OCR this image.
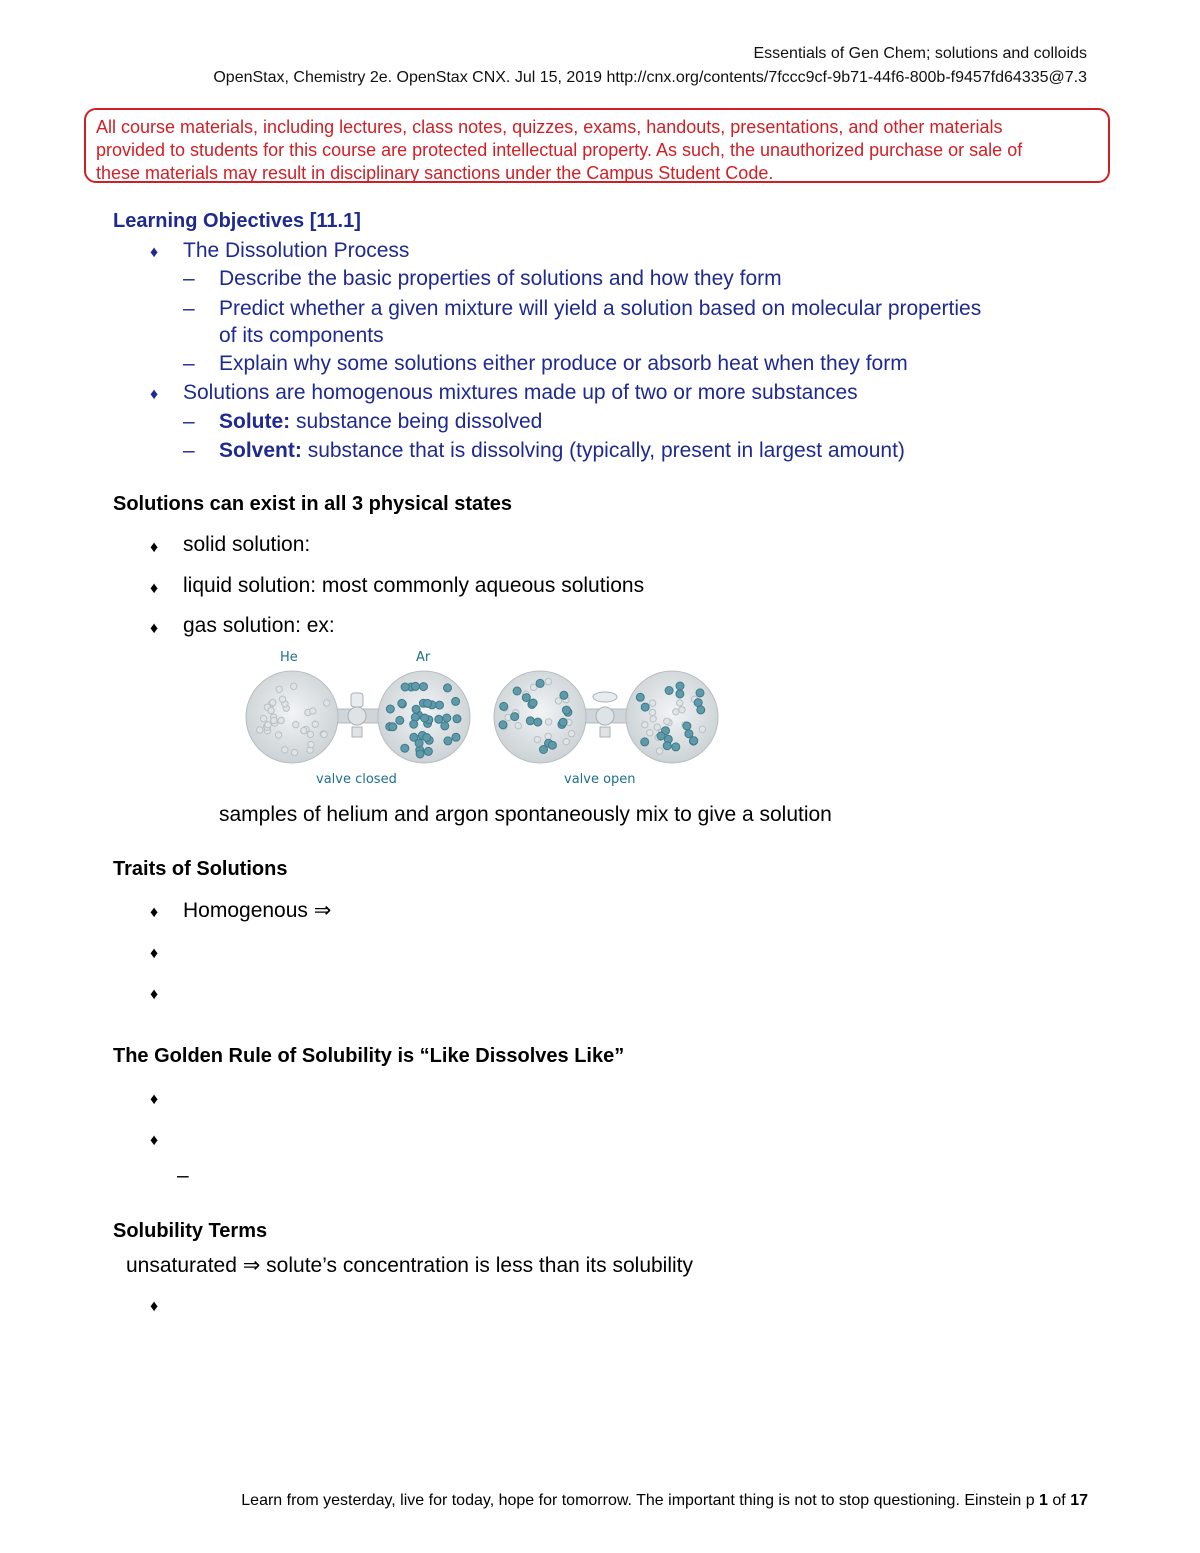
Essentials of Gen Chem; solutions and colloids
OpenStax, Chemistry 2e. OpenStax CNX. Jul 15, 2019 http://cnx.org/contents/7fccc9cf-9b71-44f6-800b-f9457fd64335@7.3
All course materials, including lectures, class notes, quizzes, exams, handouts, presentations, and other materials
provided to students for this course are protected intellectual property. As such, the unauthorized purchase or sale of
these materials may result in disciplinary sanctions under the Campus Student Code.
Learning Objectives [11.1]
♦ The Dissolution Process
– Describe the basic properties of solutions and how they form
– Predict whether a given mixture will yield a solution based on molecular properties
of its components
– Explain why some solutions either produce or absorb heat when they form
♦ Solutions are homogenous mixtures made up of two or more substances
– Solute: substance being dissolved
– Solvent: substance that is dissolving (typically, present in largest amount)
Solutions can exist in all 3 physical states
♦ solid solution:
♦ liquid solution: most commonly aqueous solutions
♦ gas solution: ex:
He	Ar
valve closed	valve open
samples of helium and argon spontaneously mix to give a solution
Traits of Solutions
♦ Homogenous ⇒
♦
♦
The Golden Rule of Solubility is “Like Dissolves Like”
♦
♦
–
Solubility Terms
unsaturated ⇒ solute’s concentration is less than its solubility
♦
Learn from yesterday, live for today, hope for tomorrow. The important thing is not to stop questioning. Einstein p 1 of 17
